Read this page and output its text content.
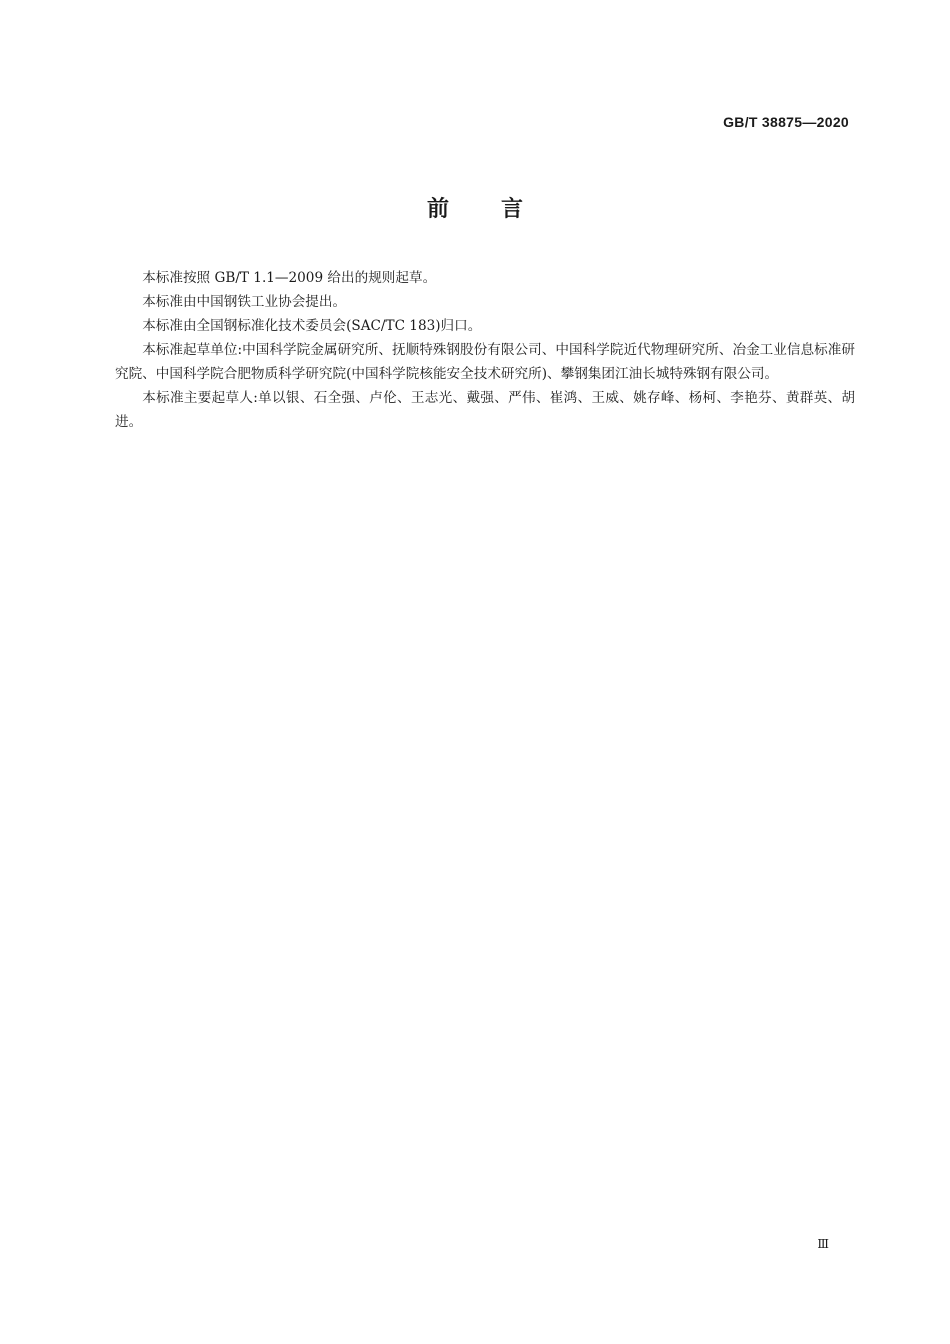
GB/T 38875—2020
前言

本标准按照 GB/T 1.1—2009 给出的规则起草。

本标准由中国钢铁工业协会提出。

本标准由全国钢标准化技术委员会(SAC/TC 183)归口。

本标准起草单位:中国科学院金属研究所、抚顺特殊钢股份有限公司、中国科学院近代物理研究所、冶金工业信息标准研究院、中国科学院合肥物质科学研究院(中国科学院核能安全技术研究所)、攀钢集团江油长城特殊钢有限公司。

本标准主要起草人:单以银、石全强、卢伦、王志光、戴强、严伟、崔鸿、王威、姚存峰、杨柯、李艳芬、黄群英、胡进。

Ⅲ
